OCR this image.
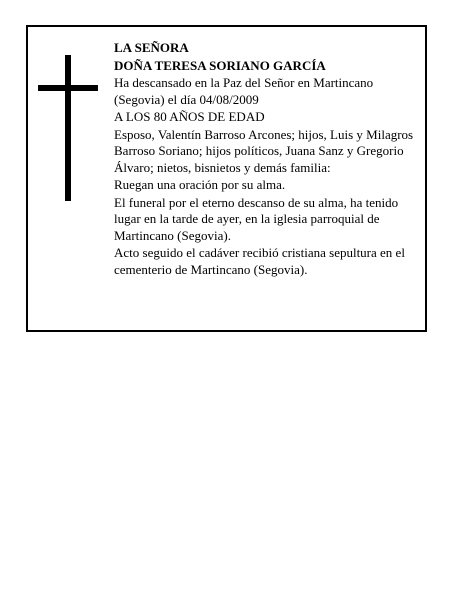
LA SEÑORA

DOÑA TERESA SORIANO GARCÍA

Ha descansado en la Paz del Señor en Martincano (Segovia) el día 04/08/2009

A LOS 80 AÑOS DE EDAD

Esposo, Valentín Barroso Arcones; hijos, Luis y Milagros Barroso Soriano; hijos políticos, Juana Sanz y Gregorio Álvaro; nietos, bisnietos y demás familia:

Ruegan una oración por su alma.

El funeral por el eterno descanso de su alma, ha tenido lugar en la tarde de ayer, en la iglesia parroquial de Martincano (Segovia).

Acto seguido el cadáver recibió cristiana sepultura en el cementerio de Martincano (Segovia).
